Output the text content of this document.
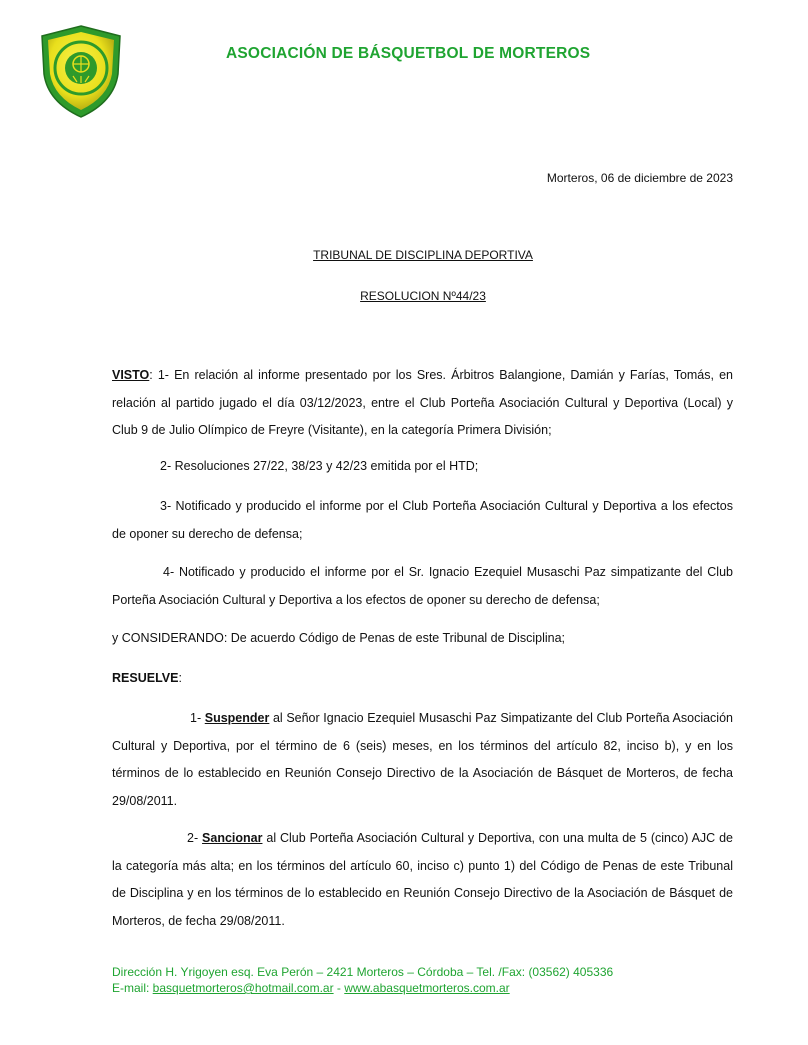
ASOCIACIÓN DE BÁSQUETBOL DE MORTEROS
Morteros, 06 de diciembre de 2023
TRIBUNAL DE DISCIPLINA DEPORTIVA
RESOLUCION Nº44/23

VISTO: 1- En relación al informe presentado por los Sres. Árbitros Balangione, Damián y Farías, Tomás, en relación al partido jugado el día 03/12/2023, entre el Club Porteña Asociación Cultural y Deportiva (Local) y Club 9 de Julio Olímpico de Freyre (Visitante), en la categoría Primera División;

2- Resoluciones 27/22, 38/23 y 42/23 emitida por el HTD;

3- Notificado y producido el informe por el Club Porteña Asociación Cultural y Deportiva a los efectos de oponer su derecho de defensa;

4- Notificado y producido el informe por el Sr. Ignacio Ezequiel Musaschi Paz simpatizante del Club Porteña Asociación Cultural y Deportiva a los efectos de oponer su derecho de defensa;

y CONSIDERANDO: De acuerdo Código de Penas de este Tribunal de Disciplina;

RESUELVE:

1- Suspender al Señor Ignacio Ezequiel Musaschi Paz Simpatizante del Club Porteña Asociación Cultural y Deportiva, por el término de 6 (seis) meses, en los términos del artículo 82, inciso b), y en los términos de lo establecido en Reunión Consejo Directivo de la Asociación de Básquet de Morteros, de fecha 29/08/2011.

2- Sancionar al Club Porteña Asociación Cultural y Deportiva, con una multa de 5 (cinco) AJC de la categoría más alta; en los términos del artículo 60, inciso c) punto 1) del Código de Penas de este Tribunal de Disciplina y en los términos de lo establecido en Reunión Consejo Directivo de la Asociación de Básquet de Morteros, de fecha 29/08/2011.

Dirección H. Yrigoyen esq. Eva Perón – 2421 Morteros – Córdoba – Tel. /Fax: (03562) 405336
E-mail: basquetmorteros@hotmail.com.ar - www.abasquetmorteros.com.ar
